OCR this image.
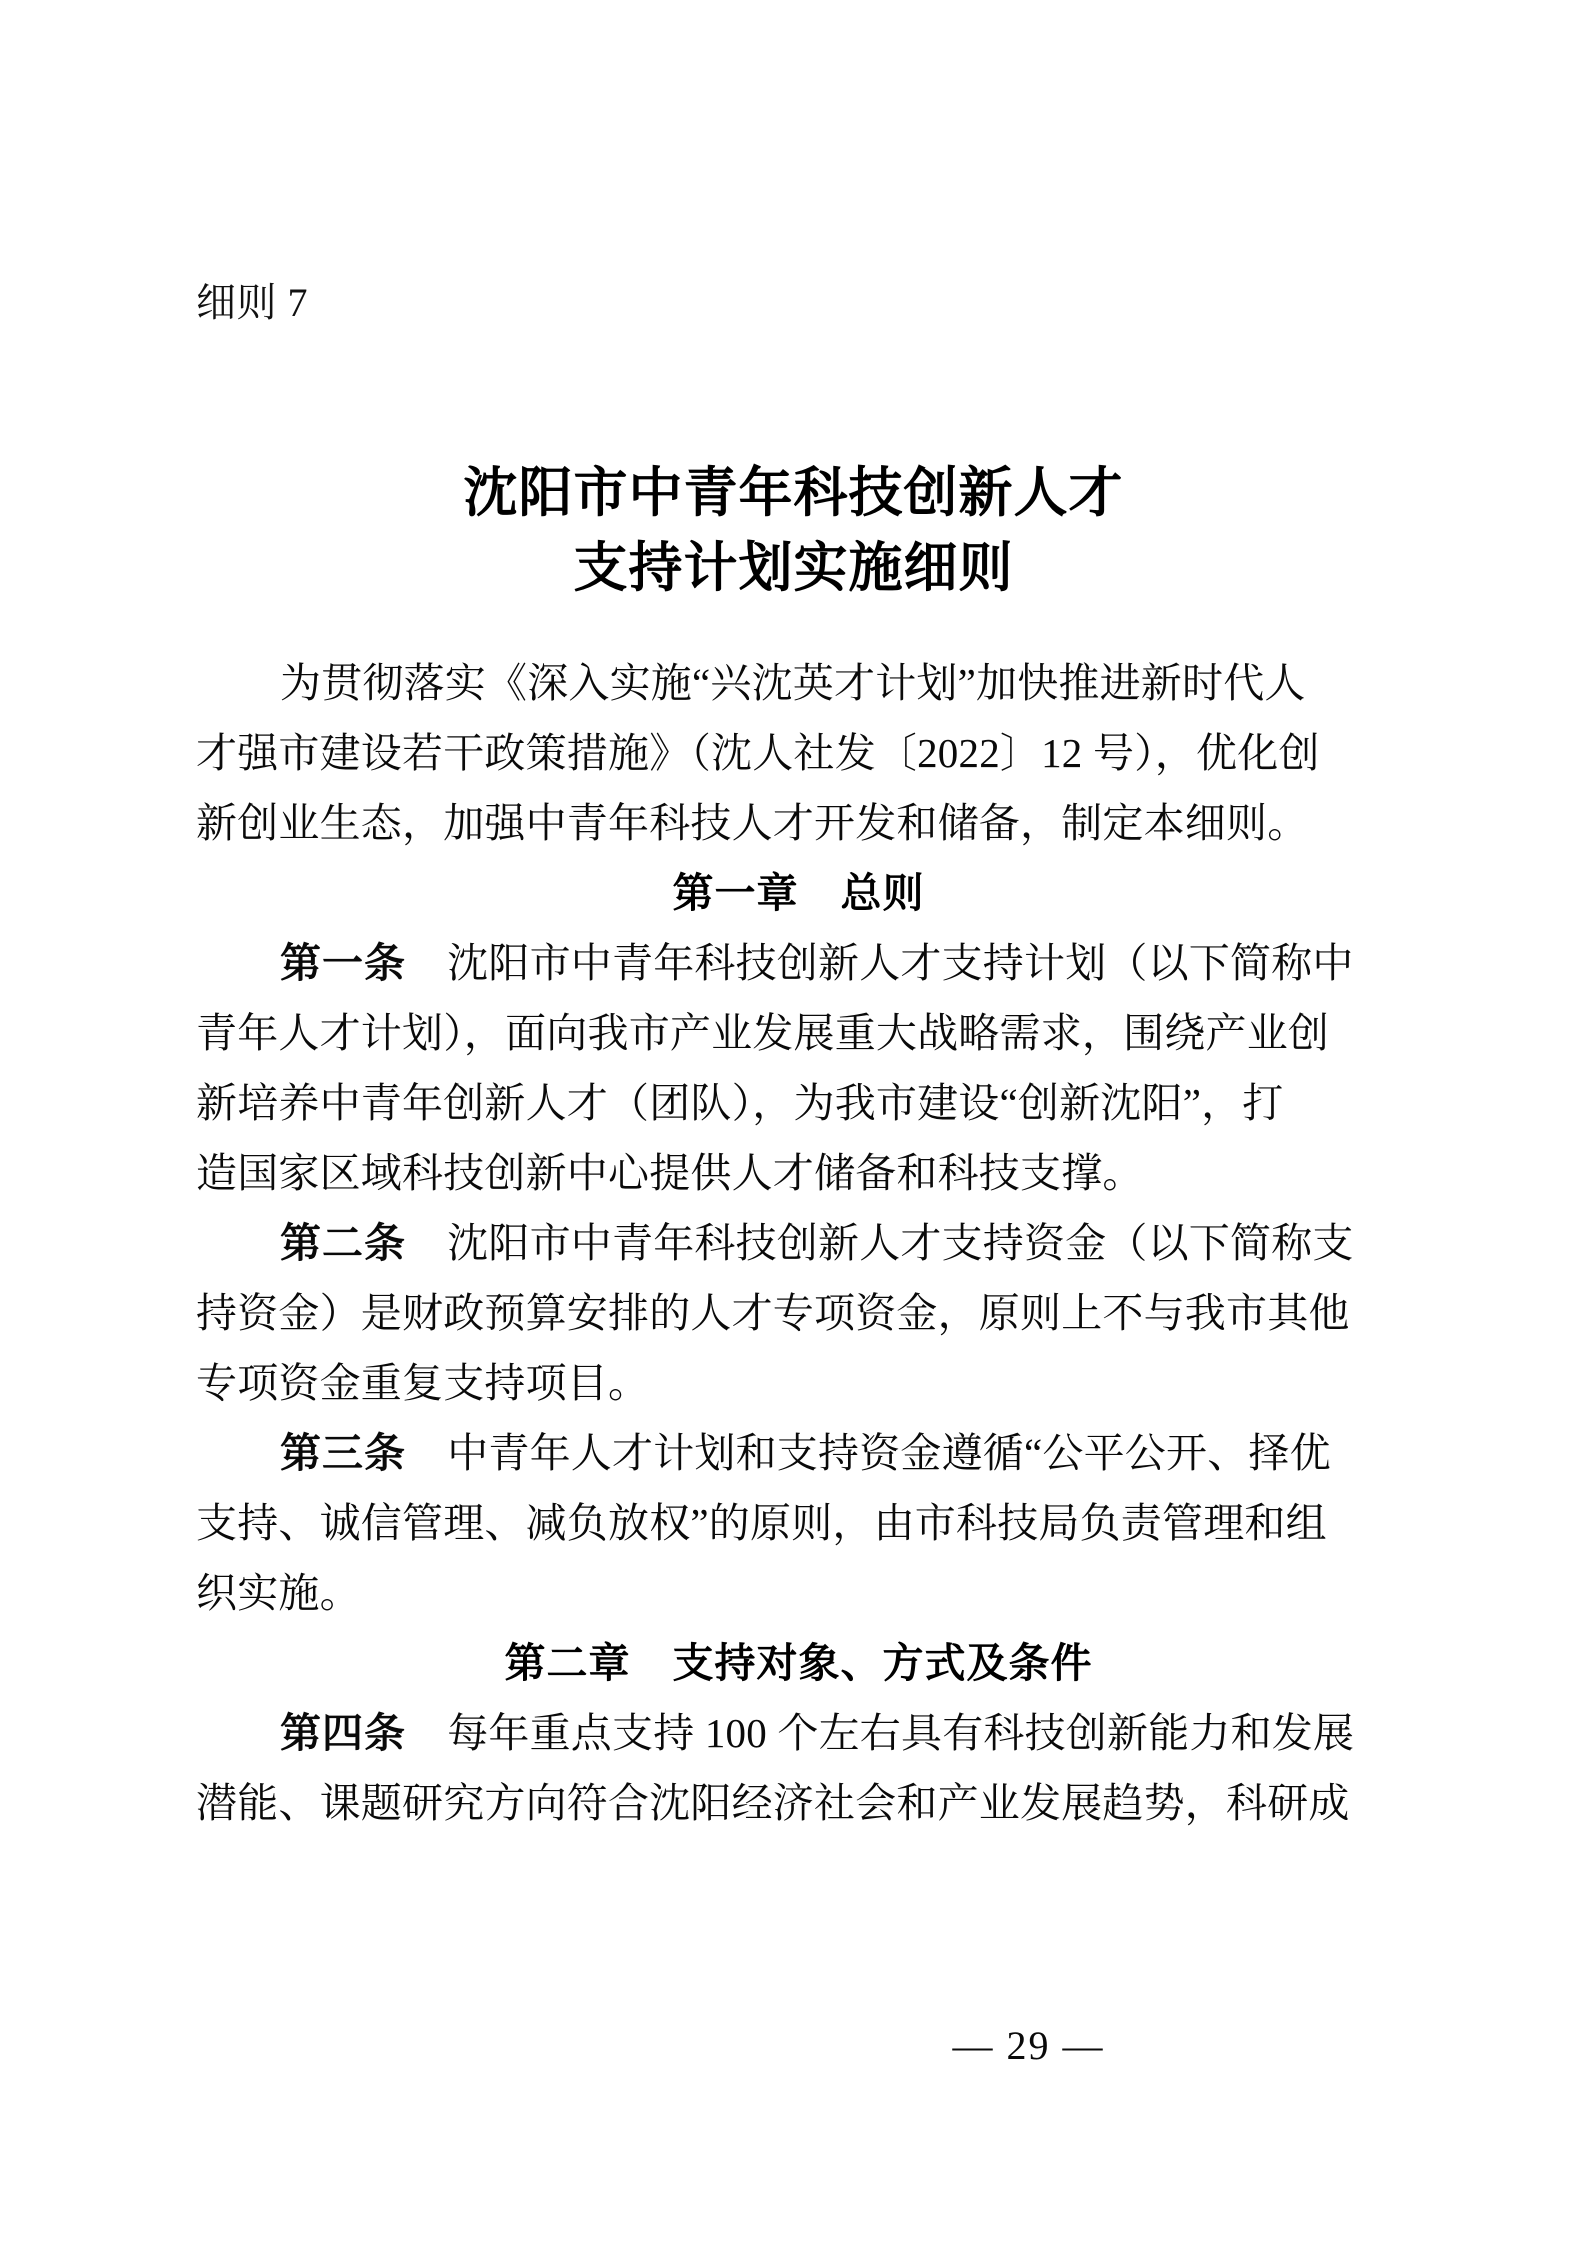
细则 7
沈阳市中青年科技创新人才
支持计划实施细则

为贯彻落实《深入实施“兴沈英才计划”加快推进新时代人
才强市建设若干政策措施》（沈人社发〔2022〕12 号），优化创
新创业生态，加强中青年科技人才开发和储备，制定本细则。

第一章　总则

第一条　 沈阳市中青年科技创新人才支持计划（以下简称中
青年人才计划），面向我市产业发展重大战略需求，围绕产业创
新培养中青年创新人才（团队），为我市建设“创新沈阳”，打
造国家区域科技创新中心提供人才储备和科技支撑。

第二条　 沈阳市中青年科技创新人才支持资金（以下简称支
持资金）是财政预算安排的人才专项资金，原则上不与我市其他
专项资金重复支持项目。

第三条　 中青年人才计划和支持资金遵循“公平公开、择优
支持、诚信管理、减负放权”的原则，由市科技局负责管理和组
织实施。

第二章　支持对象、方式及条件

第四条　 每年重点支持 100 个左右具有科技创新能力和发展
潜能、课题研究方向符合沈阳经济社会和产业发展趋势，科研成

— 29 —
